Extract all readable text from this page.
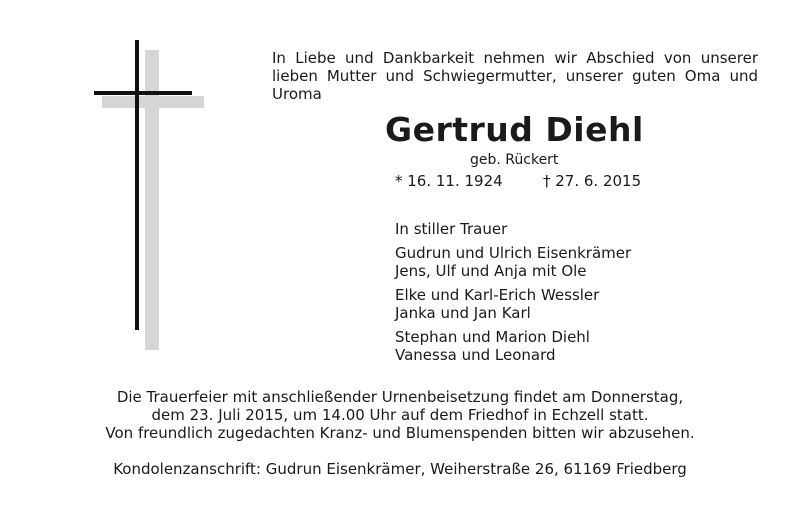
In Liebe und Dankbarkeit nehmen wir Abschied von unserer lieben Mutter und Schwiegermutter, unserer guten Oma und Uroma

Gertrud Diehl

geb. Rückert

* 16. 11. 1924	† 27. 6. 2015
In stiller Trauer
Gudrun und Ulrich Eisenkrämer
Jens, Ulf und Anja mit Ole
Elke und Karl-Erich Wessler
Janka und Jan Karl
Stephan und Marion Diehl
Vanessa und Leonard
Die Trauerfeier mit anschließender Urnenbeisetzung findet am Donnerstag,
dem 23. Juli 2015, um 14.00 Uhr auf dem Friedhof in Echzell statt.
Von freundlich zugedachten Kranz- und Blumenspenden bitten wir abzusehen.
Kondolenzanschrift: Gudrun Eisenkrämer, Weiherstraße 26, 61169 Friedberg
